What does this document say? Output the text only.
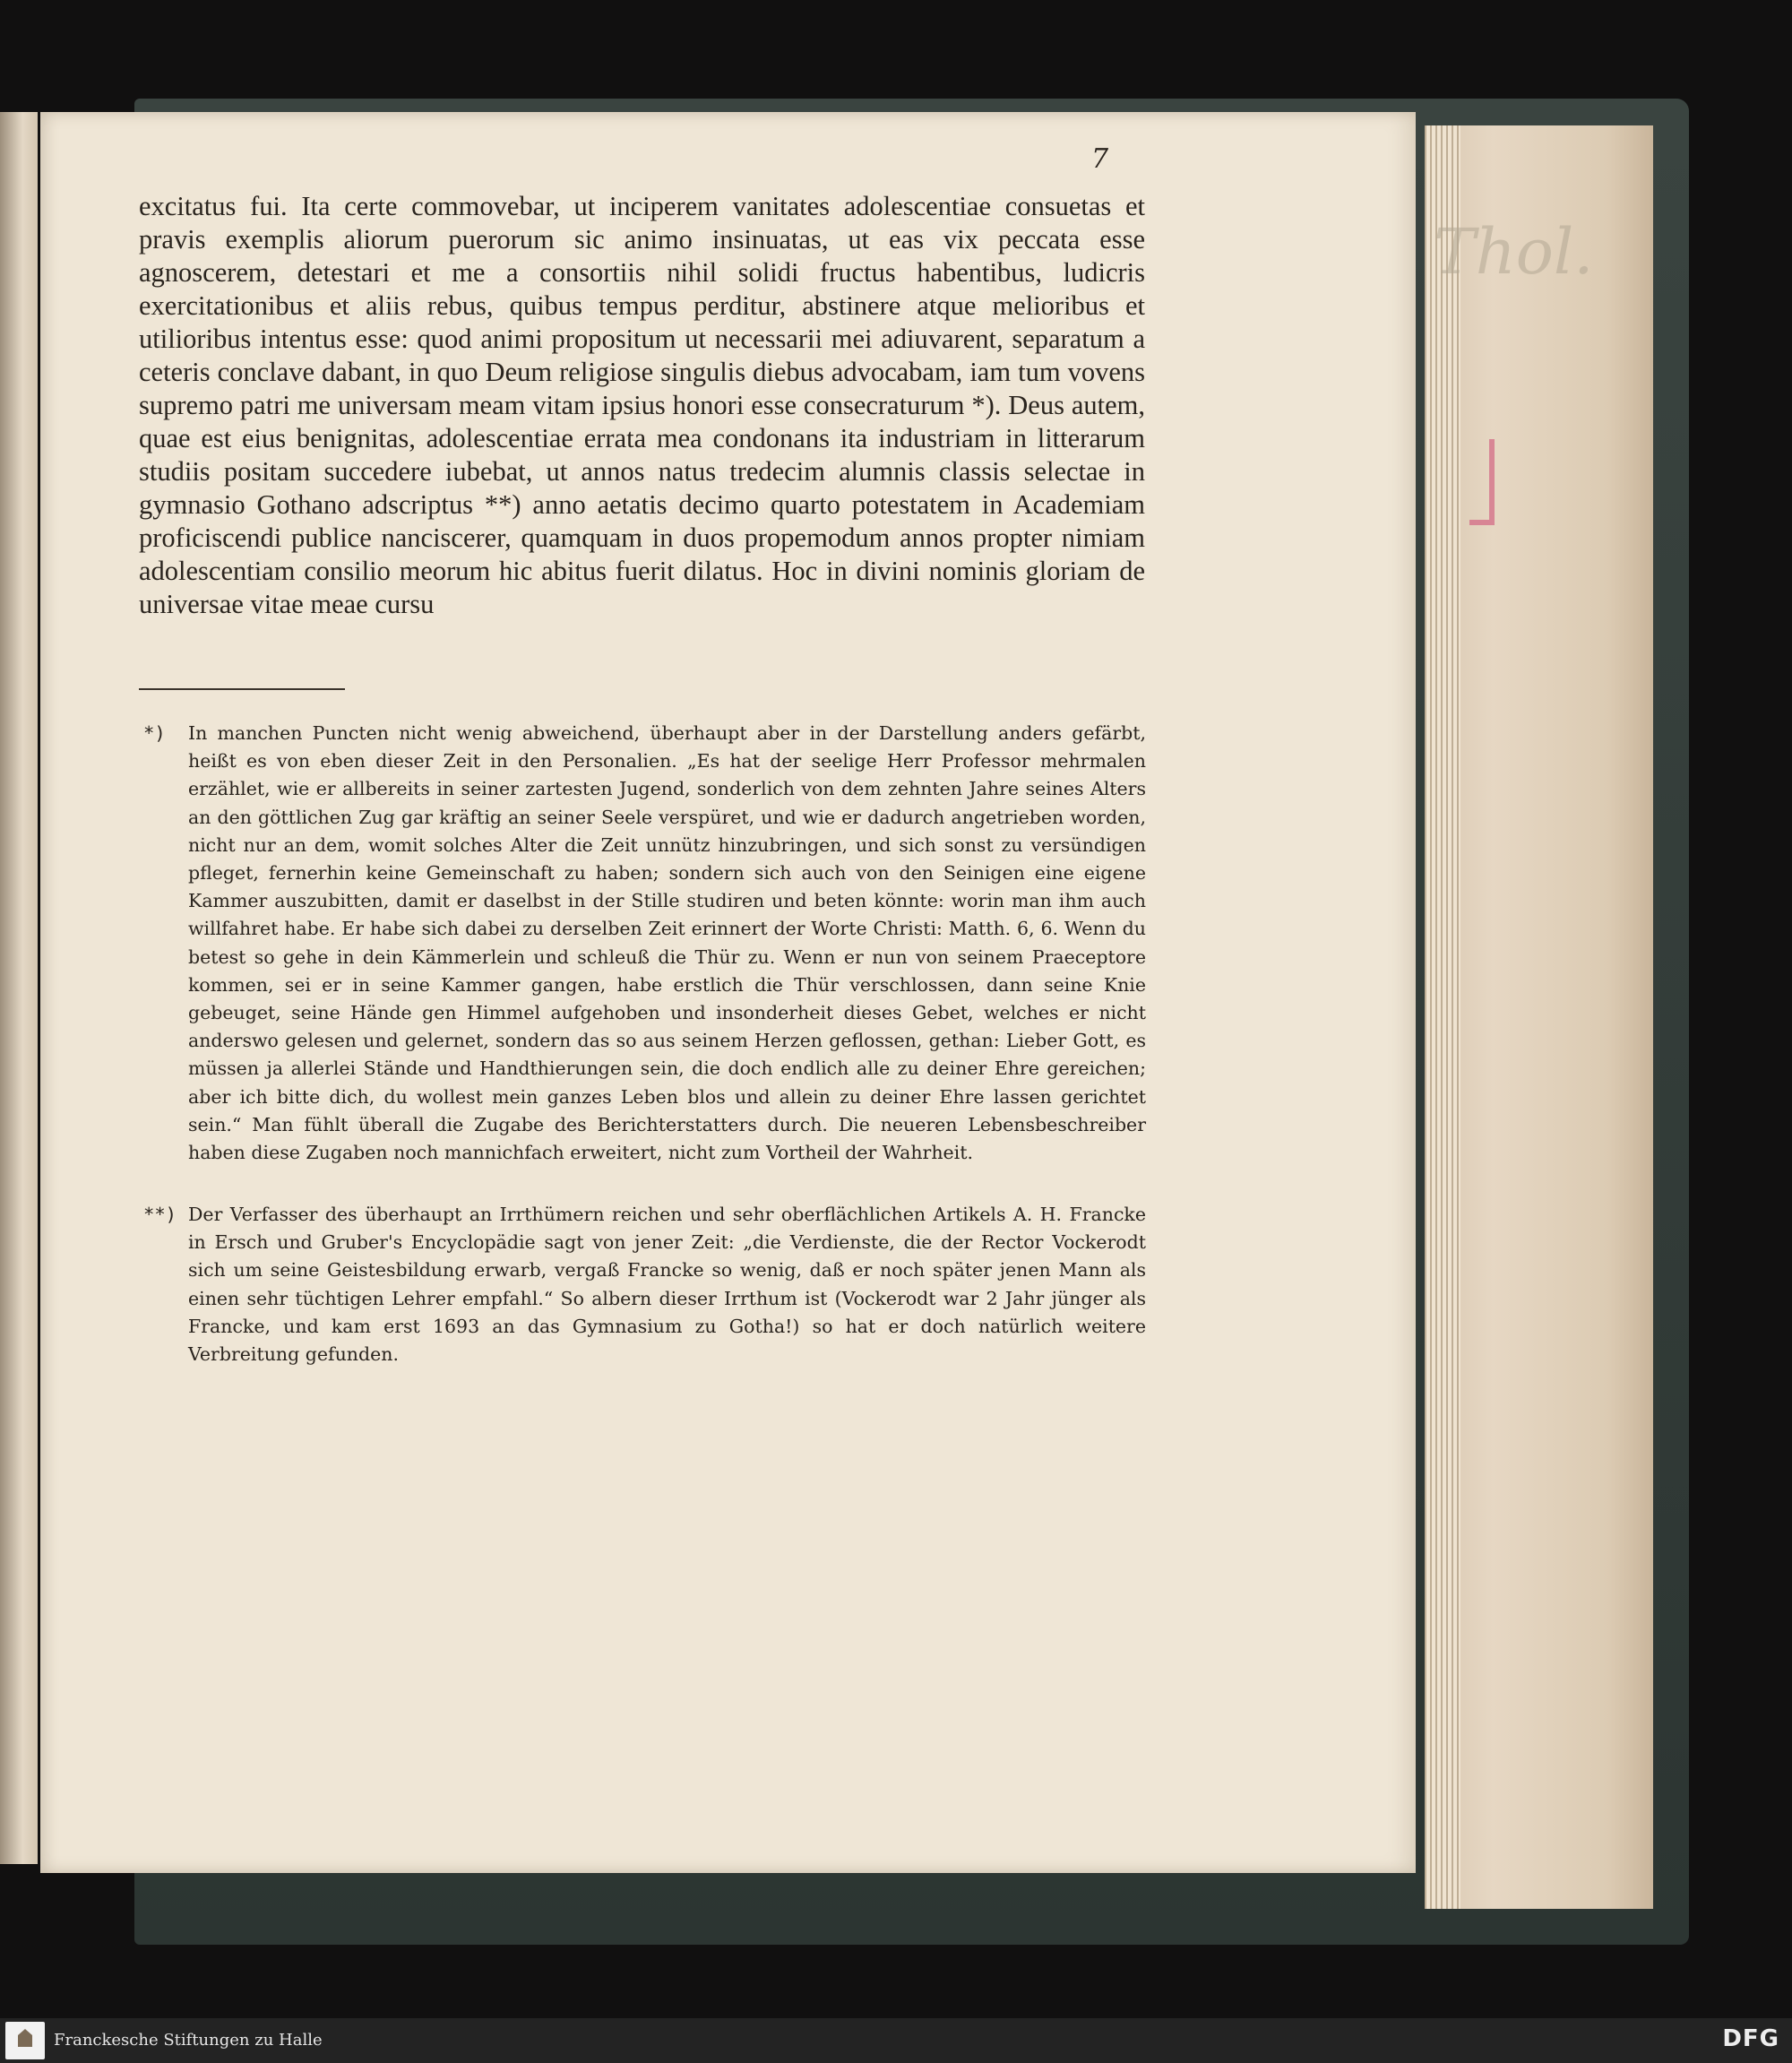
Thol.
7

excitatus fui. Ita certe commovebar, ut inciperem vanitates adolescentiae consuetas et pravis exemplis aliorum puerorum sic animo insinuatas, ut eas vix peccata esse agnoscerem, detestari et me a consortiis nihil solidi fructus habentibus, ludicris exercitationibus et aliis rebus, quibus tempus perditur, abstinere atque melioribus et utilioribus intentus esse: quod animi propositum ut necessarii mei adiuvarent, separatum a ceteris conclave dabant, in quo Deum religiose singulis diebus advocabam, iam tum vovens supremo patri me universam meam vitam ipsius honori esse consecraturum *). Deus autem, quae est eius benignitas, adolescentiae errata mea condonans ita industriam in litterarum studiis positam succedere iubebat, ut annos natus tredecim alumnis classis selectae in gymnasio Gothano adscriptus **) anno aetatis decimo quarto potestatem in Academiam proficiscendi publice nanciscerer, quamquam in duos propemodum annos propter nimiam adolescentiam consilio meorum hic abitus fuerit dilatus. Hoc in divini nominis gloriam de universae vitae meae cursu

*) In manchen Puncten nicht wenig abweichend, überhaupt aber in der Darstellung anders gefärbt, heißt es von eben dieser Zeit in den Personalien. „Es hat der seelige Herr Professor mehrmalen erzählet, wie er allbereits in seiner zartesten Jugend, sonderlich von dem zehnten Jahre seines Alters an den göttlichen Zug gar kräftig an seiner Seele verspüret, und wie er dadurch angetrieben worden, nicht nur an dem, womit solches Alter die Zeit unnütz hinzubringen, und sich sonst zu versündigen pfleget, fernerhin keine Gemeinschaft zu haben; sondern sich auch von den Seinigen eine eigene Kammer auszubitten, damit er daselbst in der Stille studiren und beten könnte: worin man ihm auch willfahret habe. Er habe sich dabei zu derselben Zeit erinnert der Worte Christi: Matth. 6, 6. Wenn du betest so gehe in dein Kämmerlein und schleuß die Thür zu. Wenn er nun von seinem Praeceptore kommen, sei er in seine Kammer gangen, habe erstlich die Thür verschlossen, dann seine Knie gebeuget, seine Hände gen Himmel aufgehoben und insonderheit dieses Gebet, welches er nicht anderswo gelesen und gelernet, sondern das so aus seinem Herzen geflossen, gethan: Lieber Gott, es müssen ja allerlei Stände und Handthierungen sein, die doch endlich alle zu deiner Ehre gereichen; aber ich bitte dich, du wollest mein ganzes Leben blos und allein zu deiner Ehre lassen gerichtet sein.“ Man fühlt überall die Zugabe des Berichterstatters durch. Die neueren Lebensbeschreiber haben diese Zugaben noch mannichfach erweitert, nicht zum Vortheil der Wahrheit.

**) Der Verfasser des überhaupt an Irrthümern reichen und sehr oberflächlichen Artikels A. H. Francke in Ersch und Gruber's Encyclopädie sagt von jener Zeit: „die Verdienste, die der Rector Vockerodt sich um seine Geistesbildung erwarb, vergaß Francke so wenig, daß er noch später jenen Mann als einen sehr tüchtigen Lehrer empfahl.“ So albern dieser Irrthum ist (Vockerodt war 2 Jahr jünger als Francke, und kam erst 1693 an das Gymnasium zu Gotha!) so hat er doch natürlich weitere Verbreitung gefunden.

Franckesche Stiftungen zu Halle	DFG
